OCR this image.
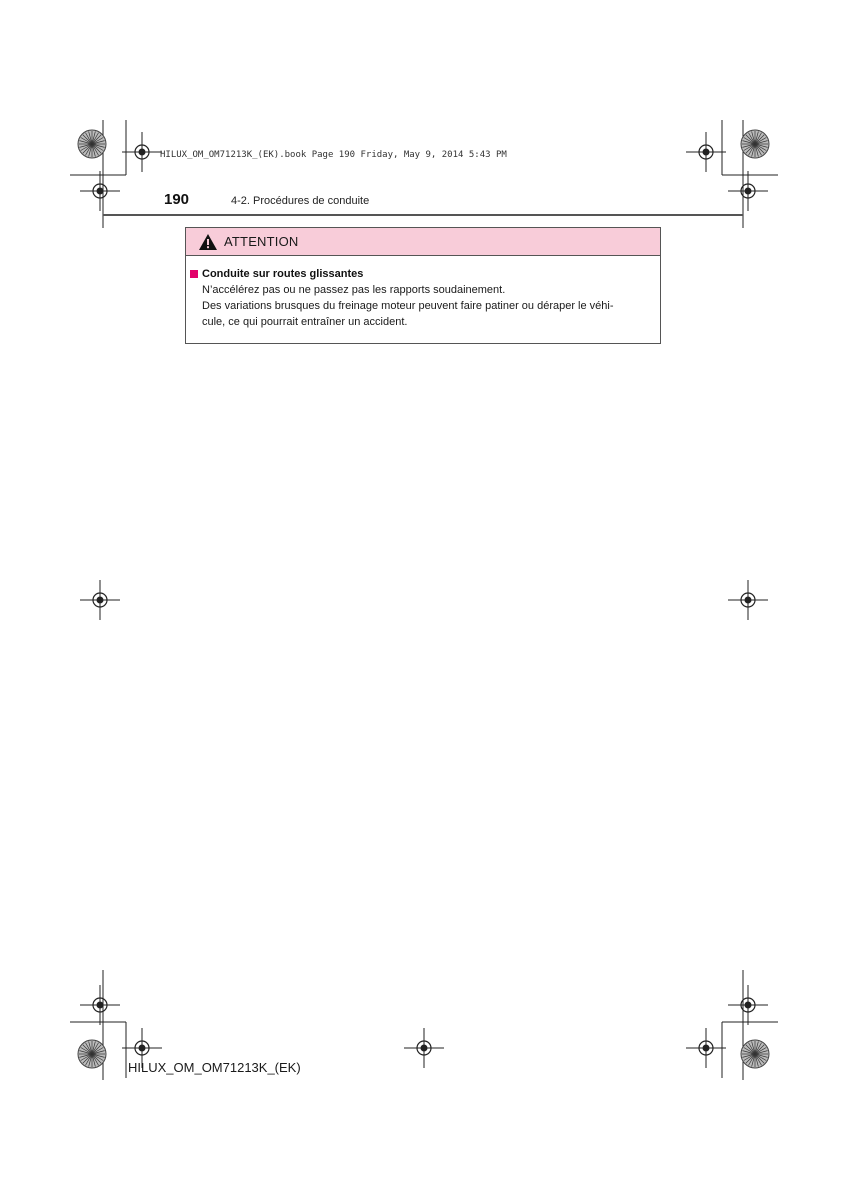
HILUX_OM_OM71213K_(EK).book Page 190 Friday, May 9, 2014 5:43 PM
190	4-2. Procédures de conduite
ATTENTION
Conduite sur routes glissantes

N’accélérez pas ou ne passez pas les rapports soudainement.

Des variations brusques du freinage moteur peuvent faire patiner ou déraper le véhi-

cule, ce qui pourrait entraîner un accident.

HILUX_OM_OM71213K_(EK)
